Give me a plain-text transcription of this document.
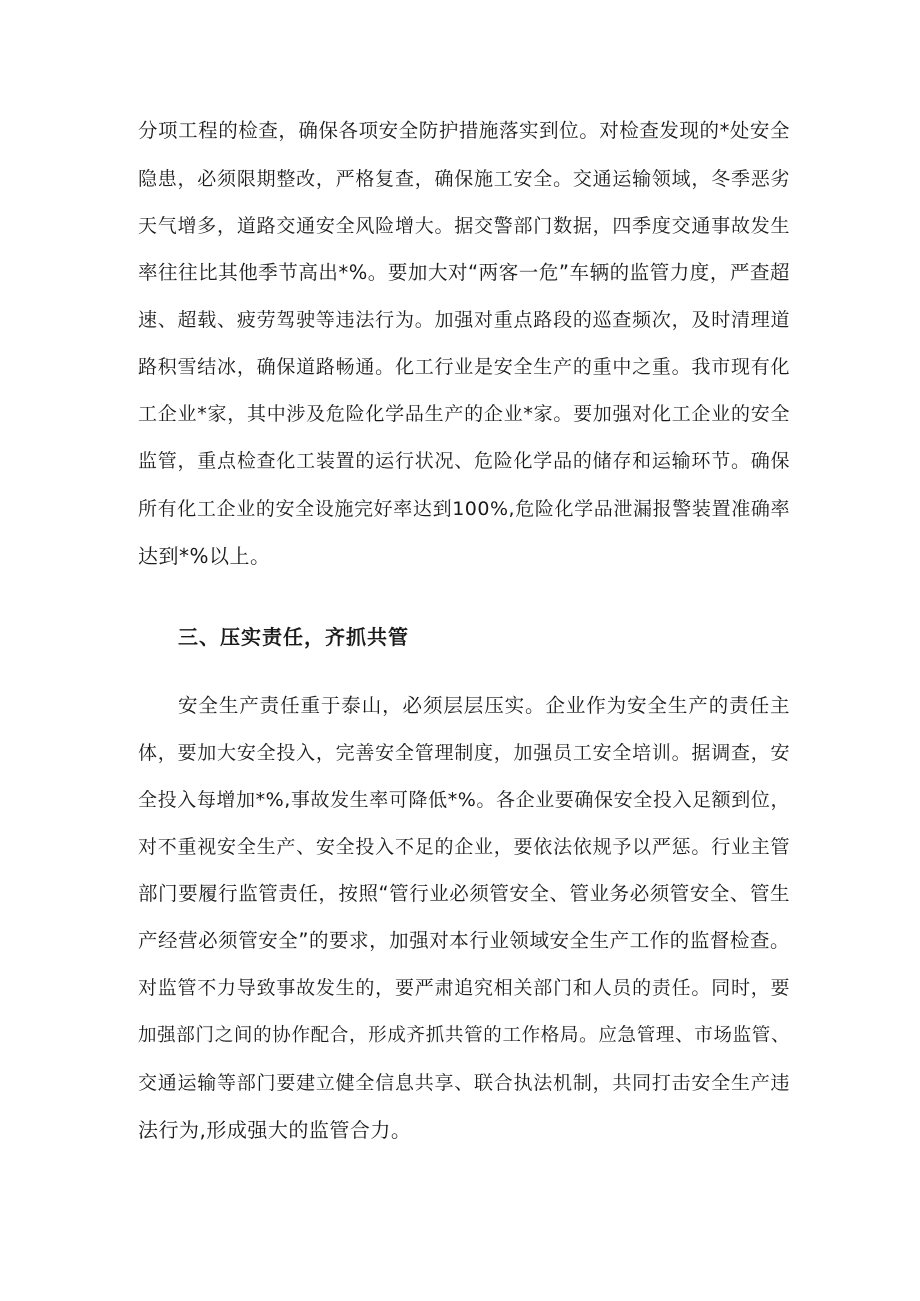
分项工程的检查，确保各项安全防护措施落实到位。对检查发现的*处安全
隐患，必须限期整改，严格复查，确保施工安全。交通运输领域，冬季恶劣
天气增多，道路交通安全风险增大。据交警部门数据，四季度交通事故发生
率往往比其他季节高出*%。要加大对“两客一危”车辆的监管力度，严查超
速、超载、疲劳驾驶等违法行为。加强对重点路段的巡查频次，及时清理道
路积雪结冰，确保道路畅通。化工行业是安全生产的重中之重。我市现有化
工企业*家，其中涉及危险化学品生产的企业*家。要加强对化工企业的安全
监管，重点检查化工装置的运行状况、危险化学品的储存和运输环节。确保
所有化工企业的安全设施完好率达到100%,危险化学品泄漏报警装置准确率
达到*%以上。
三、压实责任，齐抓共管
安全生产责任重于泰山，必须层层压实。企业作为安全生产的责任主
体，要加大安全投入，完善安全管理制度，加强员工安全培训。据调查，安
全投入每增加*%,事故发生率可降低*%。各企业要确保安全投入足额到位，
对不重视安全生产、安全投入不足的企业，要依法依规予以严惩。行业主管
部门要履行监管责任，按照“管行业必须管安全、管业务必须管安全、管生
产经营必须管安全”的要求，加强对本行业领域安全生产工作的监督检查。
对监管不力导致事故发生的，要严肃追究相关部门和人员的责任。同时，要
加强部门之间的协作配合，形成齐抓共管的工作格局。应急管理、市场监管、
交通运输等部门要建立健全信息共享、联合执法机制，共同打击安全生产违
法行为,形成强大的监管合力。
